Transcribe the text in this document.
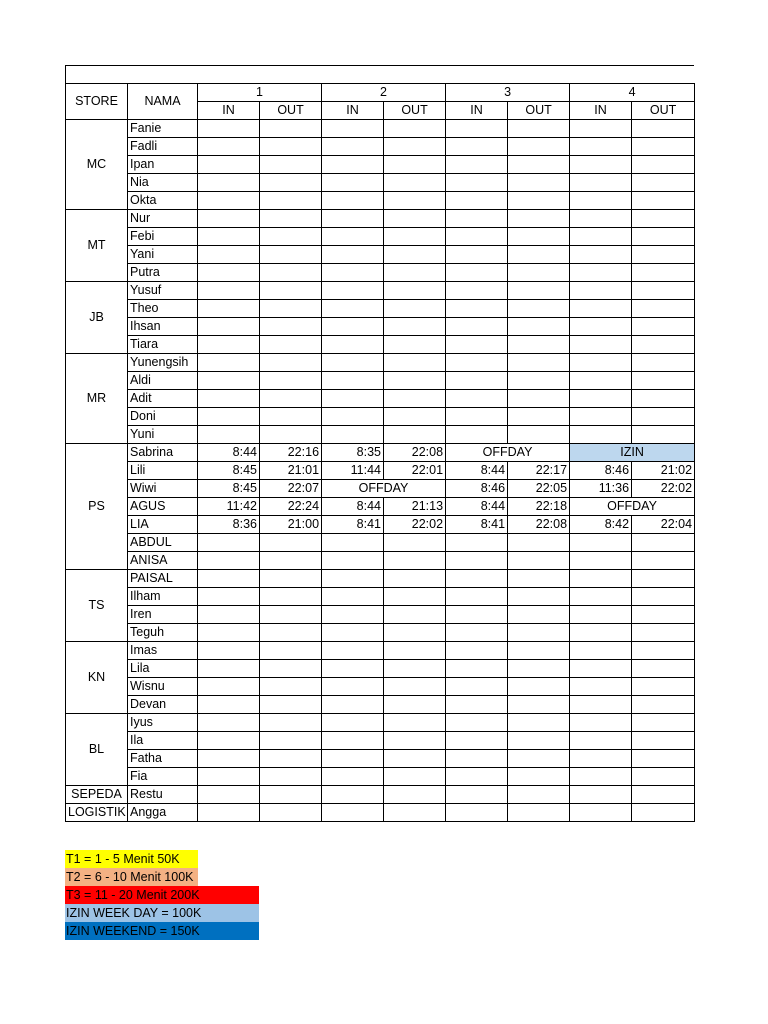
STORE	NAMA	1		2		3		4	
		IN	OUT	IN	OUT	IN	OUT	IN	OUT
MC	Fanie								
	Fadli								
	Ipan								
	Nia								
	Okta								
MT	Nur								
	Febi								
	Yani								
	Putra								
JB	Yusuf								
	Theo								
	Ihsan								
	Tiara								
MR	Yunengsih								
	Aldi								
	Adit								
	Doni								
	Yuni								
PS	Sabrina	8:44	22:16	8:35	22:08	OFFDAY		IZIN	
	Lili	8:45	21:01	11:44	22:01	8:44	22:17	8:46	21:02
	Wiwi	8:45	22:07	OFFDAY		8:46	22:05	11:36	22:02
	AGUS	11:42	22:24	8:44	21:13	8:44	22:18	OFFDAY	
	LIA	8:36	21:00	8:41	22:02	8:41	22:08	8:42	22:04
	ABDUL								
	ANISA								
TS	PAISAL								
	Ilham								
	Iren								
	Teguh								
KN	Imas								
	Lila								
	Wisnu								
	Devan								
BL	Iyus								
	Ila								
	Fatha								
	Fia								
SEPEDA	Restu								
LOGISTIK	Angga								
T1 = 1 - 5 Menit 50K
T2 = 6 - 10 Menit 100K
T3 = 11 - 20 Menit 200K
IZIN WEEK DAY = 100K
IZIN WEEKEND = 150K
